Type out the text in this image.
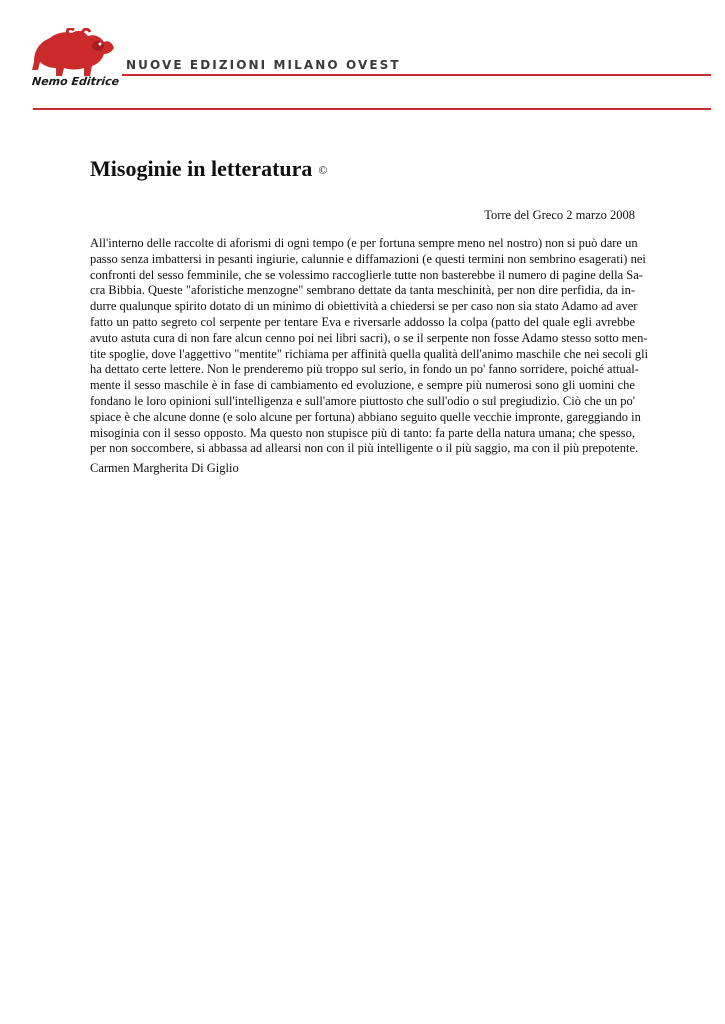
Nemo Editrice
NUOVE EDIZIONI MILANO OVEST
Misoginie in letteratura ©
Torre del Greco 2 marzo 2008
All'interno delle raccolte di aforismi di ogni tempo (e per fortuna sempre meno nel nostro) non si può dare un
passo senza imbattersi in pesanti ingiurie, calunnie e diffamazioni (e questi termini non sembrino esagerati) nei
confronti del sesso femminile, che se volessimo raccoglierle tutte non basterebbe il numero di pagine della Sa-
cra Bibbia. Queste "aforistiche menzogne" sembrano dettate da tanta meschinità, per non dire perfidia, da in-
durre qualunque spirito dotato di un minimo di obiettività a chiedersi se per caso non sia stato Adamo ad aver
fatto un patto segreto col serpente per tentare Eva e riversarle addosso la colpa (patto del quale egli avrebbe
avuto astuta cura di non fare alcun cenno poi nei libri sacri), o se il serpente non fosse Adamo stesso sotto men-
tite spoglie, dove l'aggettivo "mentite" richiama per affinità quella qualità dell'animo maschile che nei secoli gli
ha dettato certe lettere. Non le prenderemo più troppo sul serio, in fondo un po' fanno sorridere, poiché attual-
mente il sesso maschile è in fase di cambiamento ed evoluzione, e sempre più numerosi sono gli uomini che
fondano le loro opinioni sull'intelligenza e sull'amore piuttosto che sull'odio o sul pregiudizio. Ciò che un po'
spiace è che alcune donne (e solo alcune per fortuna) abbiano seguito quelle vecchie impronte, gareggiando in
misoginia con il sesso opposto. Ma questo non stupisce più di tanto: fa parte della natura umana; che spesso,
per non soccombere, si abbassa ad allearsi non con il più intelligente o il più saggio, ma con il più prepotente.
Carmen Margherita Di Giglio
